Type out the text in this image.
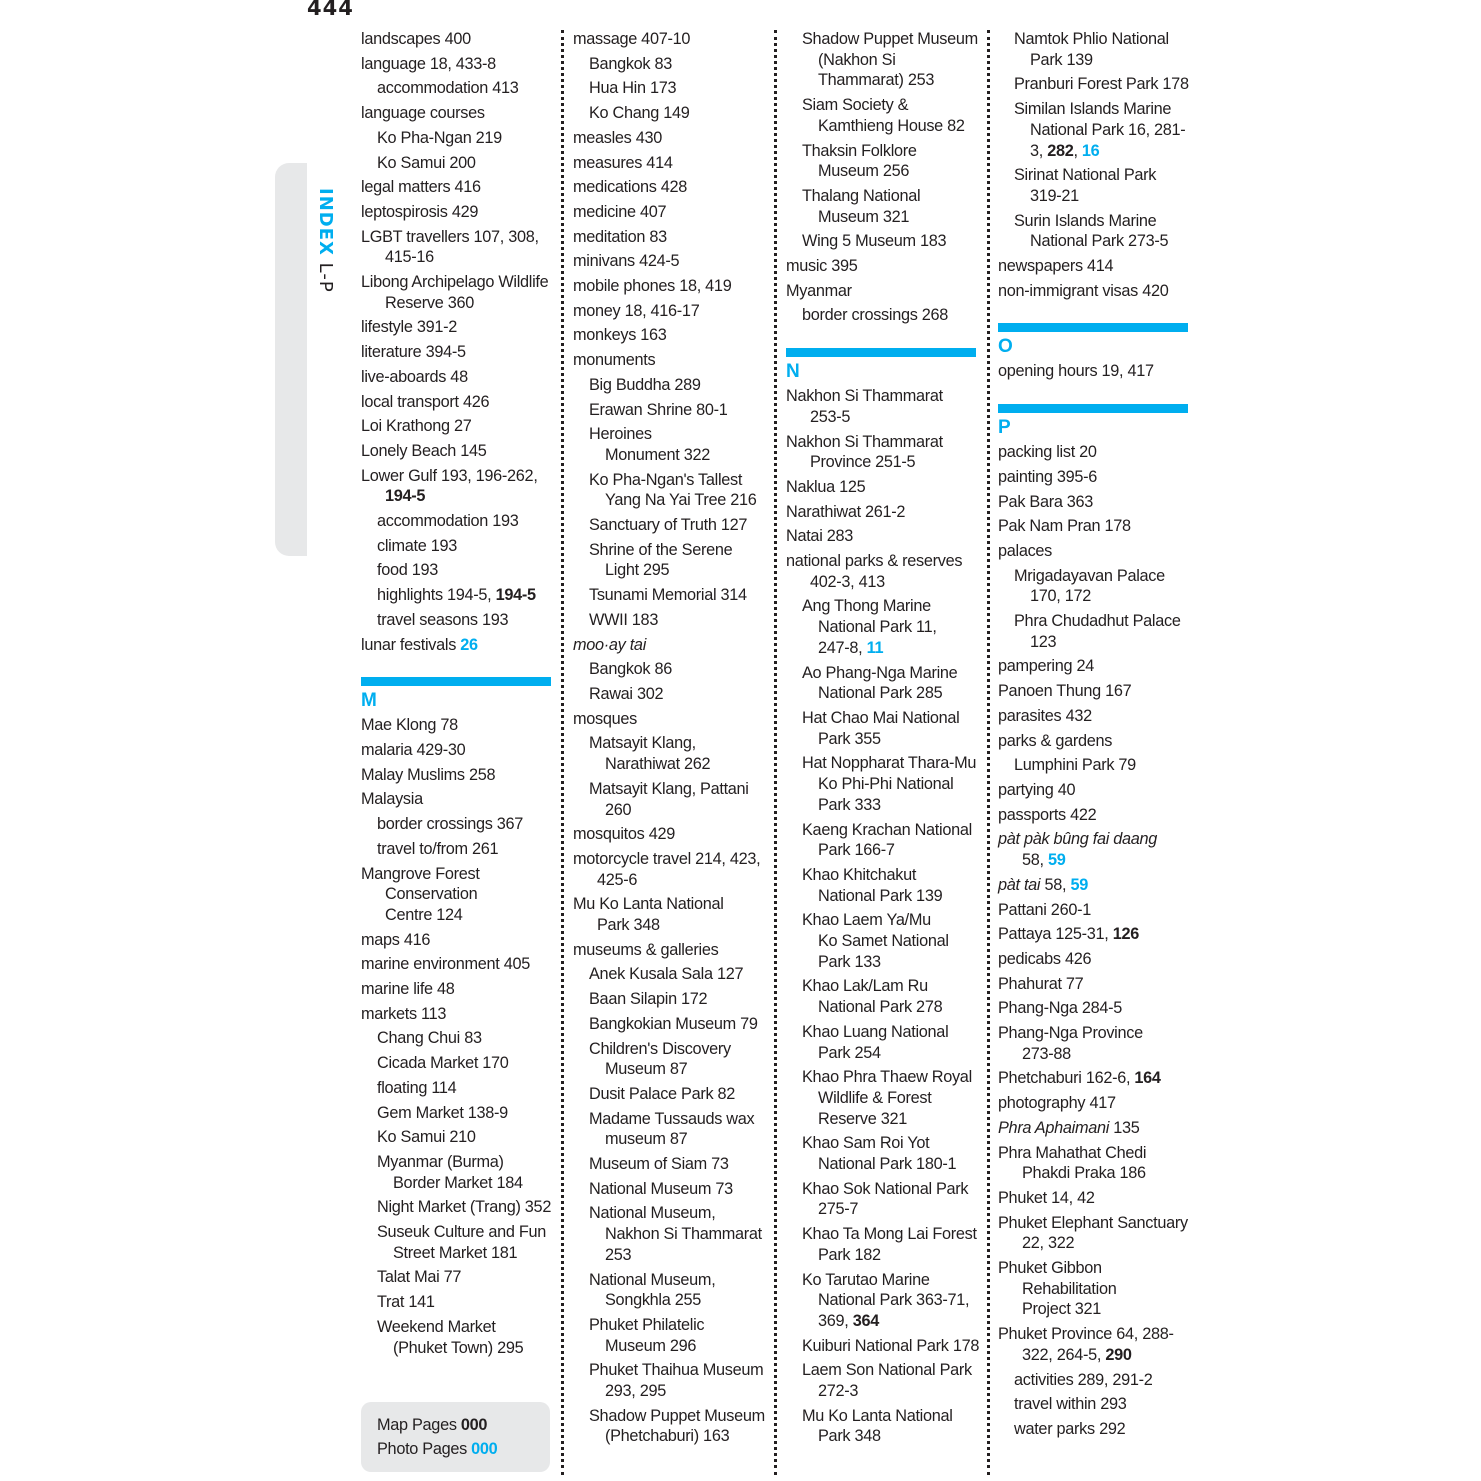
444
INDEX L-P
landscapes 400
language 18, 433-8
accommodation 413
language courses
Ko Pha-Ngan 219
Ko Samui 200
legal matters 416
leptospirosis 429
LGBT travellers 107, 308,
415-16
Libong Archipelago Wildlife
Reserve 360
lifestyle 391-2
literature 394-5
live-aboards 48
local transport 426
Loi Krathong 27
Lonely Beach 145
Lower Gulf 193, 196-262,
194-5
accommodation 193
climate 193
food 193
highlights 194-5, 194-5
travel seasons 193
lunar festivals 26
M
Mae Klong 78
malaria 429-30
Malay Muslims 258
Malaysia
border crossings 367
travel to/from 261
Mangrove Forest
Conservation
Centre 124
maps 416
marine environment 405
marine life 48
markets 113
Chang Chui 83
Cicada Market 170
floating 114
Gem Market 138-9
Ko Samui 210
Myanmar (Burma)
Border Market 184
Night Market (Trang) 352
Suseuk Culture and Fun
Street Market 181
Talat Mai 77
Trat 141
Weekend Market
(Phuket Town) 295
massage 407-10
Bangkok 83
Hua Hin 173
Ko Chang 149
measles 430
measures 414
medications 428
medicine 407
meditation 83
minivans 424-5
mobile phones 18, 419
money 18, 416-17
monkeys 163
monuments
Big Buddha 289
Erawan Shrine 80-1
Heroines
Monument 322
Ko Pha-Ngan's Tallest
Yang Na Yai Tree 216
Sanctuary of Truth 127
Shrine of the Serene
Light 295
Tsunami Memorial 314
WWII 183
moo·ay tai
Bangkok 86
Rawai 302
mosques
Matsayit Klang,
Narathiwat 262
Matsayit Klang, Pattani
260
mosquitos 429
motorcycle travel 214, 423,
425-6
Mu Ko Lanta National
Park 348
museums & galleries
Anek Kusala Sala 127
Baan Silapin 172
Bangkokian Museum 79
Children's Discovery
Museum 87
Dusit Palace Park 82
Madame Tussauds wax
museum 87
Museum of Siam 73
National Museum 73
National Museum,
Nakhon Si Thammarat
253
National Museum,
Songkhla 255
Phuket Philatelic
Museum 296
Phuket Thaihua Museum
293, 295
Shadow Puppet Museum
(Phetchaburi) 163
Shadow Puppet Museum
(Nakhon Si
Thammarat) 253
Siam Society &
Kamthieng House 82
Thaksin Folklore
Museum 256
Thalang National
Museum 321
Wing 5 Museum 183
music 395
Myanmar
border crossings 268
N
Nakhon Si Thammarat
253-5
Nakhon Si Thammarat
Province 251-5
Naklua 125
Narathiwat 261-2
Natai 283
national parks & reserves
402-3, 413
Ang Thong Marine
National Park 11,
247-8, 11
Ao Phang-Nga Marine
National Park 285
Hat Chao Mai National
Park 355
Hat Noppharat Thara-Mu
Ko Phi-Phi National
Park 333
Kaeng Krachan National
Park 166-7
Khao Khitchakut
National Park 139
Khao Laem Ya/Mu
Ko Samet National
Park 133
Khao Lak/Lam Ru
National Park 278
Khao Luang National
Park 254
Khao Phra Thaew Royal
Wildlife & Forest
Reserve 321
Khao Sam Roi Yot
National Park 180-1
Khao Sok National Park
275-7
Khao Ta Mong Lai Forest
Park 182
Ko Tarutao Marine
National Park 363-71,
369, 364
Kuiburi National Park 178
Laem Son National Park
272-3
Mu Ko Lanta National
Park 348
Namtok Phlio National
Park 139
Pranburi Forest Park 178
Similan Islands Marine
National Park 16, 281-
3, 282, 16
Sirinat National Park
319-21
Surin Islands Marine
National Park 273-5
newspapers 414
non-immigrant visas 420
O
opening hours 19, 417
P
packing list 20
painting 395-6
Pak Bara 363
Pak Nam Pran 178
palaces
Mrigadayavan Palace
170, 172
Phra Chudadhut Palace
123
pampering 24
Panoen Thung 167
parasites 432
parks & gardens
Lumphini Park 79
partying 40
passports 422
pàt pàk bûng fai daang
58, 59
pàt tai 58, 59
Pattani 260-1
Pattaya 125-31, 126
pedicabs 426
Phahurat 77
Phang-Nga 284-5
Phang-Nga Province
273-88
Phetchaburi 162-6, 164
photography 417
Phra Aphaimani 135
Phra Mahathat Chedi
Phakdi Praka 186
Phuket 14, 42
Phuket Elephant Sanctuary
22, 322
Phuket Gibbon
Rehabilitation
Project 321
Phuket Province 64, 288-
322, 264-5, 290
activities 289, 291-2
travel within 293
water parks 292
Map Pages 000
Photo Pages 000
